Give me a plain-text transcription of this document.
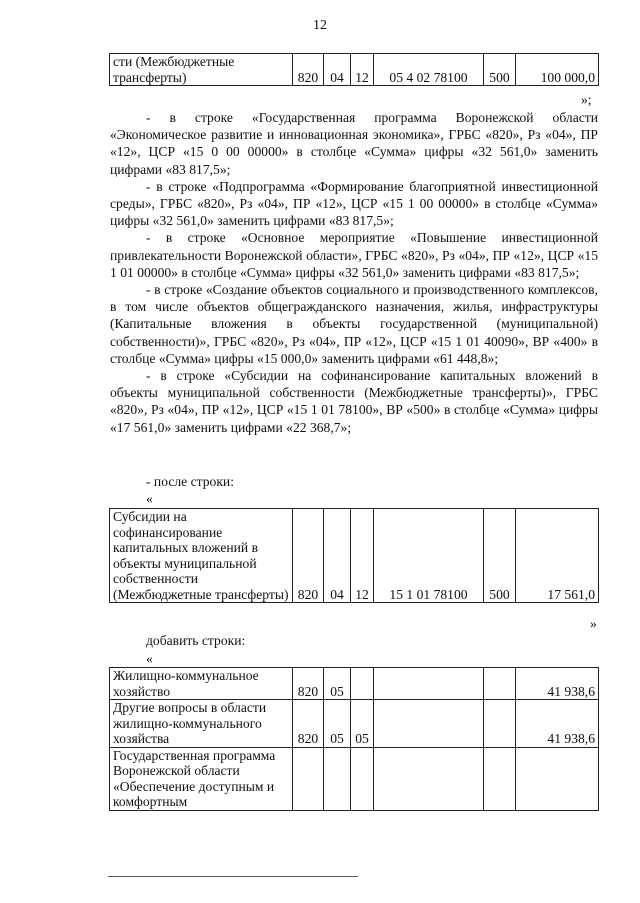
12
сти (Межбюджетные трансферты)	820	04	12	05 4 02 78100	500	100 000,0
»;

- в строке «Государственная программа Воронежской области «Экономическое развитие и инновационная экономика», ГРБС «820», Рз «04», ПР «12», ЦСР «15 0 00 00000» в столбце «Сумма» цифры «32 561,0» заменить цифрами «83 817,5»;

- в строке «Подпрограмма «Формирование благоприятной инвестиционной среды», ГРБС «820», Рз «04», ПР «12», ЦСР «15 1 00 00000» в столбце «Сумма» цифры «32 561,0» заменить цифрами «83 817,5»;

- в строке «Основное мероприятие «Повышение инвестиционной привлекательности Воронежской области», ГРБС «820», Рз «04», ПР «12», ЦСР «15 1 01 00000» в столбце «Сумма» цифры «32 561,0» заменить цифрами «83 817,5»;

- в строке «Создание объектов социального и производственного комплексов, в том числе объектов общегражданского назначения, жилья, инфраструктуры (Капитальные вложения в объекты государственной (муниципальной) собственности)», ГРБС «820», Рз «04», ПР «12», ЦСР «15 1 01 40090», ВР «400» в столбце «Сумма» цифры «15 000,0» заменить цифрами «61 448,8»;

- в строке «Субсидии на софинансирование капитальных вложений в объекты муниципальной собственности (Межбюджетные трансферты)», ГРБС «820», Рз «04», ПР «12», ЦСР «15 1 01 78100», ВР «500» в столбце «Сумма» цифры «17 561,0» заменить цифрами «22 368,7»;

- после строки:
«
Субсидии на софинансирование капитальных вложений в объекты муниципальной собственности (Межбюджетные трансферты)	820	04	12	15 1 01 78100	500	17 561,0
»
добавить строки:
«
Жилищно-коммунальное хозяйство	820	05				41 938,6
Другие вопросы в области жилищно-коммунального хозяйства	820	05	05			41 938,6
Государственная программа Воронежской области «Обеспечение доступным и комфортным						
